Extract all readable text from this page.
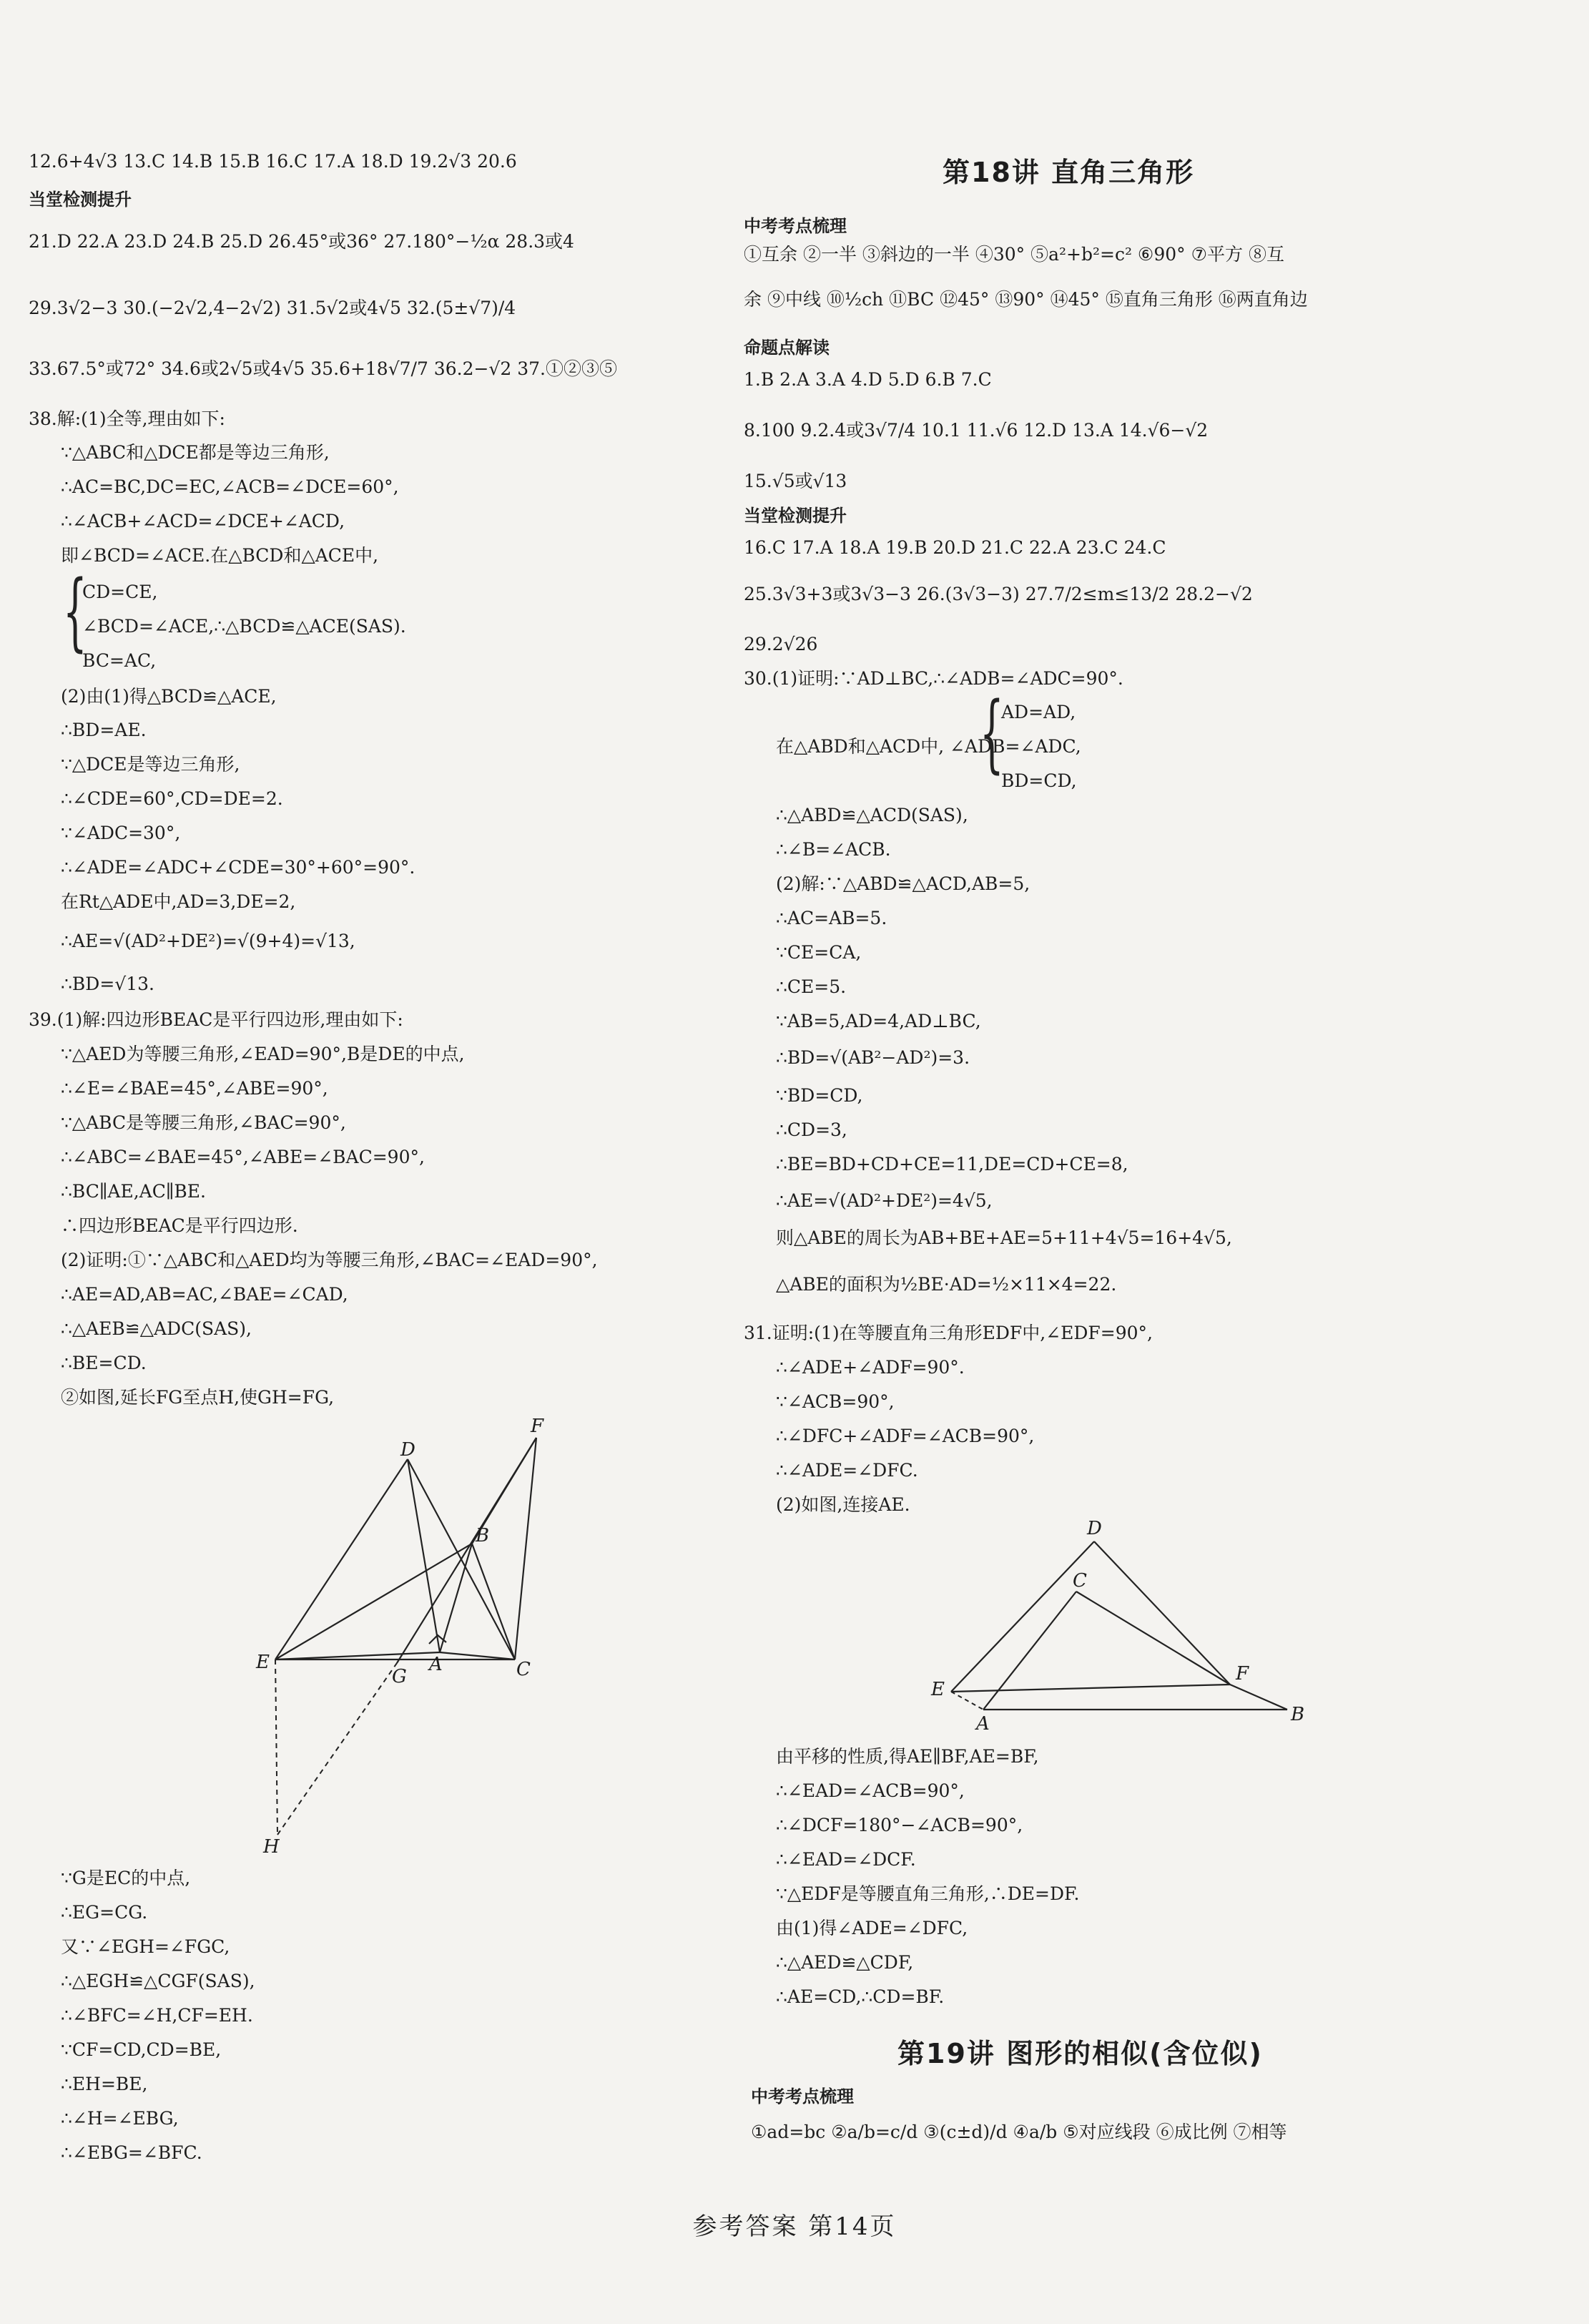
12.6+4√3 13.C 14.B 15.B 16.C 17.A 18.D 19.2√3 20.6
当堂检测提升
21.D 22.A 23.D 24.B 25.D 26.45°或36° 27.180°−½α 28.3或4
29.3√2−3 30.(−2√2,4−2√2) 31.5√2或4√5 32.(5±√7)/4
33.67.5°或72° 34.6或2√5或4√5 35.6+18√7/7 36.2−√2 37.①②③⑤
38.解:(1)全等,理由如下:
∵△ABC和△DCE都是等边三角形,
∴AC=BC,DC=EC,∠ACB=∠DCE=60°,
∴∠ACB+∠ACD=∠DCE+∠ACD,
即∠BCD=∠ACE.在△BCD和△ACE中,
CD=CE,
∠BCD=∠ACE,∴△BCD≌△ACE(SAS).
BC=AC,
(2)由(1)得△BCD≌△ACE,
∴BD=AE.
∵△DCE是等边三角形,
∴∠CDE=60°,CD=DE=2.
∵∠ADC=30°,
∴∠ADE=∠ADC+∠CDE=30°+60°=90°.
在Rt△ADE中,AD=3,DE=2,
∴AE=√(AD²+DE²)=√(9+4)=√13,
∴BD=√13.
39.(1)解:四边形BEAC是平行四边形,理由如下:
∵△AED为等腰三角形,∠EAD=90°,B是DE的中点,
∴∠E=∠BAE=45°,∠ABE=90°,
∵△ABC是等腰三角形,∠BAC=90°,
∴∠ABC=∠BAE=45°,∠ABE=∠BAC=90°,
∴BC∥AE,AC∥BE.
∴四边形BEAC是平行四边形.
(2)证明:①∵△ABC和△AED均为等腰三角形,∠BAC=∠EAD=90°,
∴AE=AD,AB=AC,∠BAE=∠CAD,
∴△AEB≌△ADC(SAS),
∴BE=CD.
②如图,延长FG至点H,使GH=FG,
∵G是EC的中点,
∴EG=CG.
又∵∠EGH=∠FGC,
∴△EGH≌△CGF(SAS),
∴∠BFC=∠H,CF=EH.
∵CF=CD,CD=BE,
∴EH=BE,
∴∠H=∠EBG,
∴∠EBG=∠BFC.
中考考点梳理
①互余 ②一半 ③斜边的一半 ④30° ⑤a²+b²=c² ⑥90° ⑦平方 ⑧互
余 ⑨中线 ⑩½ch ⑪BC ⑫45° ⑬90° ⑭45° ⑮直角三角形 ⑯两直角边
命题点解读
1.B 2.A 3.A 4.D 5.D 6.B 7.C
8.100 9.2.4或3√7/4 10.1 11.√6 12.D 13.A 14.√6−√2
15.√5或√13
当堂检测提升
16.C 17.A 18.A 19.B 20.D 21.C 22.A 23.C 24.C
25.3√3+3或3√3−3 26.(3√3−3) 27.7/2≤m≤13/2 28.2−√2
29.2√26
30.(1)证明:∵AD⊥BC,∴∠ADB=∠ADC=90°.
AD=AD,
在△ABD和△ACD中, ∠ADB=∠ADC,
BD=CD,
∴△ABD≌△ACD(SAS),
∴∠B=∠ACB.
(2)解:∵△ABD≌△ACD,AB=5,
∴AC=AB=5.
∵CE=CA,
∴CE=5.
∵AB=5,AD=4,AD⊥BC,
∴BD=√(AB²−AD²)=3.
∵BD=CD,
∴CD=3,
∴BE=BD+CD+CE=11,DE=CD+CE=8,
∴AE=√(AD²+DE²)=4√5,
则△ABE的周长为AB+BE+AE=5+11+4√5=16+4√5,
△ABE的面积为½BE·AD=½×11×4=22.
31.证明:(1)在等腰直角三角形EDF中,∠EDF=90°,
∴∠ADE+∠ADF=90°.
∵∠ACB=90°,
∴∠DFC+∠ADF=∠ACB=90°,
∴∠ADE=∠DFC.
(2)如图,连接AE.
由平移的性质,得AE∥BF,AE=BF,
∴∠EAD=∠ACB=90°,
∴∠DCF=180°−∠ACB=90°,
∴∠EAD=∠DCF.
∵△EDF是等腰直角三角形,∴DE=DF.
由(1)得∠ADE=∠DFC,
∴△AED≌△CDF,
∴AE=CD,∴CD=BF.
中考考点梳理
①ad=bc ②a/b=c/d ③(c±d)/d ④a/b ⑤对应线段 ⑥成比例 ⑦相等
第18讲 直角三角形
第19讲 图形的相似(含位似)
{
{
D
F
B
A
E
G	C
H
D
C
E
F
A	B
参考答案 第14页
